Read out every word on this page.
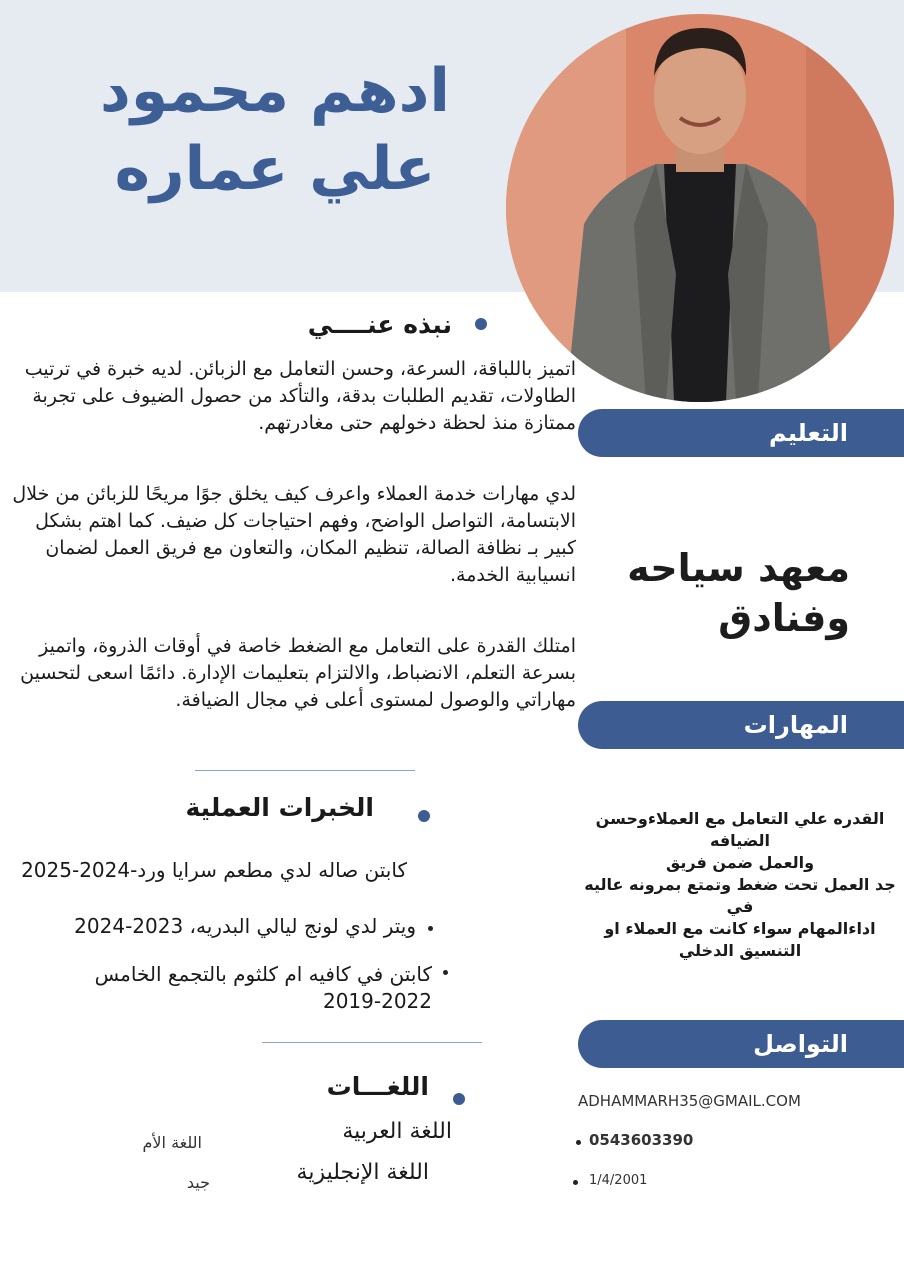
ادهم محمود
علي عماره
نبذه عنــــي
اتميز باللباقة، السرعة، وحسن التعامل مع الزبائن. لديه خبرة في ترتيب الطاولات، تقديم الطلبات بدقة، والتأكد من حصول الضيوف على تجربة ممتازة منذ لحظة دخولهم حتى مغادرتهم.
لدي مهارات خدمة العملاء واعرف كيف يخلق جوًا مريحًا للزبائن من خلال الابتسامة، التواصل الواضح، وفهم احتياجات كل ضيف. كما اهتم بشكل كبير بـ نظافة الصالة، تنظيم المكان، والتعاون مع فريق العمل لضمان انسيابية الخدمة.
امتلك القدرة على التعامل مع الضغط خاصة في أوقات الذروة، واتميز بسرعة التعلم، الانضباط، والالتزام بتعليمات الإدارة. دائمًا اسعى لتحسين مهاراتي والوصول لمستوى أعلى في مجال الضيافة.
التعليم
معهد سياحه
وفنادق
المهارات
القدره علي التعامل مع العملاءوحسن
الضيافه
والعمل ضمن فريق
جد العمل تحت ضغط وتمتع بمرونه عاليه
في
اداءالمهام سواء كانت مع العملاء او
التنسيق الدخلي
الخبرات العملية
كابتن صاله لدي مطعم سرايا ورد-2024-2025
ويتر لدي لونج ليالي البدريه، 2023-2024
كابتن في كافيه ام كلثوم بالتجمع الخامس
2019-2022
اللغـــات
اللغة العربية
اللغة الأم
اللغة الإنجليزية
جيد
التواصل
ADHAMMARH35@GMAIL.COM
0543603390
1/4/2001
